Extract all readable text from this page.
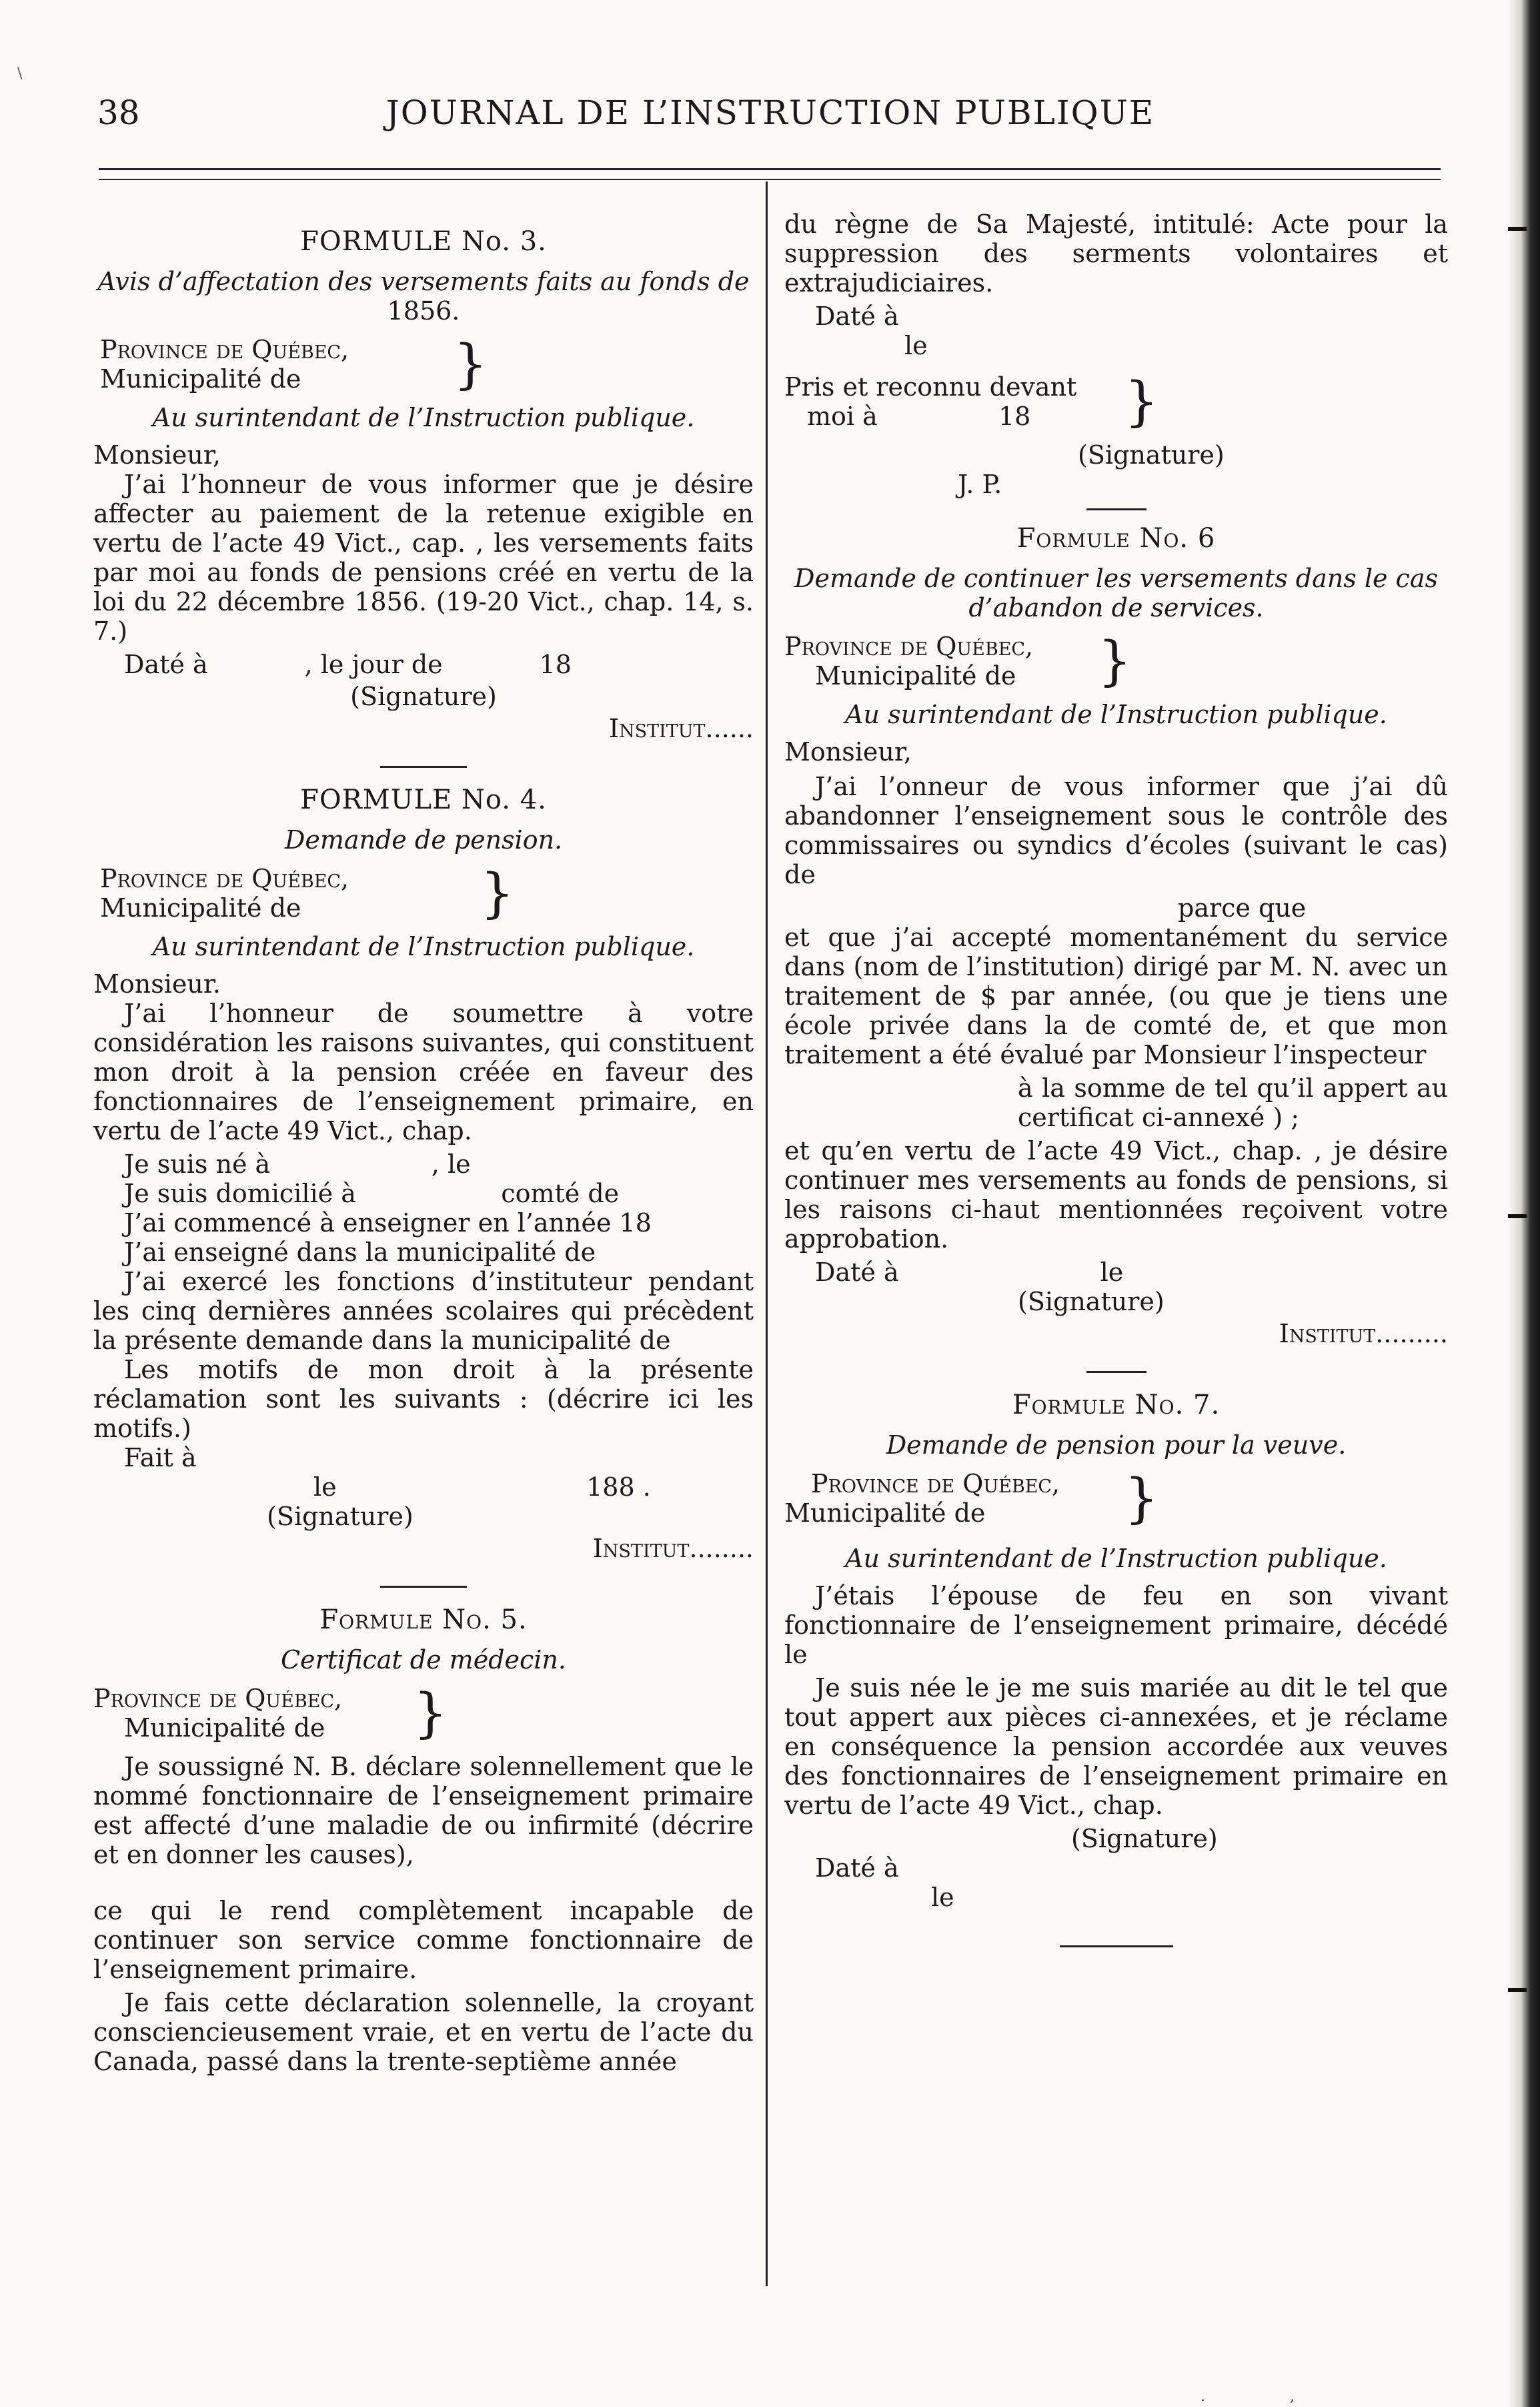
\
38	JOURNAL DE L’INSTRUCTION PUBLIQUE
FORMULE No. 3.
Avis d’affectation des versements faits au fonds de
1856.
Province de Québec,
Municipalité de	}
Au surintendant de l’Instruction publique.
Monsieur,

J’ai l’honneur de vous informer que je désire affecter au paiement de la retenue exigible en vertu de l’acte 49 Vict., cap. , les versements faits par moi au fonds de pensions créé en vertu de la loi du 22 décembre 1856. (19-20 Vict., chap. 14, s. 7.)

Daté à            , le jour de            18
(Signature)
Institut......
FORMULE No. 4.
Demande de pension.
Province de Québec,
Municipalité de	}
Au surintendant de l’Instruction publique.
Monsieur.

J’ai l’honneur de soumettre à votre considération les raisons suivantes, qui constituent mon droit à la pension créée en faveur des fonctionnaires de l’enseignement primaire, en vertu de l’acte 49 Vict., chap.

Je suis né à                    , le
Je suis domicilié à                  comté de
J’ai commencé à enseigner en l’année 18
J’ai enseigné dans la municipalité de

J’ai exercé les fonctions d’instituteur pendant les cinq dernières années scolaires qui précèdent la présente demande dans la municipalité de

Les motifs de mon droit à la présente réclamation sont les suivants : (décrire ici les motifs.)

Fait à
le                               188 .
(Signature)
Institut........
Formule No. 5.
Certificat de médecin.
Province de Québec,
Municipalité de	}

Je soussigné N. B. déclare solennellement que le nommé fonctionnaire de l’enseignement primaire est affecté d’une maladie de ou infirmité (décrire et en donner les causes),

ce qui le rend complètement incapable de continuer son service comme fonctionnaire de l’enseignement primaire.

Je fais cette déclaration solennelle, la croyant consciencieusement vraie, et en vertu de l’acte du Canada, passé dans la trente-septième année

du règne de Sa Majesté, intitulé: Acte pour la suppression des serments volontaires et extrajudiciaires.

Daté à
le
Pris et reconnu devant
moi à               18	}
(Signature)
J. P.
Formule No. 6
Demande de continuer les versements dans le cas d’abandon de services.
Province de Québec,
Municipalité de	}
Au surintendant de l’Instruction publique.
Monsieur,

J’ai l’onneur de vous informer que j’ai dû abandonner l’enseignement sous le contrôle des commissaires ou syndics d’écoles (suivant le cas) de

parce que

et que j’ai accepté momentanément du service dans (nom de l’institution) dirigé par M. N. avec un traitement de $ par année, (ou que je tiens une école privée dans la de comté de, et que mon traitement a été évalué par Monsieur l’inspecteur

à la somme de tel qu’il appert au certificat ci-annexé ) ;

et qu’en vertu de l’acte 49 Vict., chap. , je désire continuer mes versements au fonds de pensions, si les raisons ci-haut mentionnées reçoivent votre approbation.

Daté à                         le
(Signature)
Institut.........
Formule No. 7.
Demande de pension pour la veuve.
Province de Québec,
Municipalité de	}
Au surintendant de l’Instruction publique.

J’étais l’épouse de feu en son vivant fonctionnaire de l’enseignement primaire, décédé le

Je suis née le je me suis mariée au dit le tel que tout appert aux pièces ci-annexées, et je réclame en conséquence la pension accordée aux veuves des fonctionnaires de l’enseignement primaire en vertu de l’acte 49 Vict., chap.

(Signature)
Daté à
le
. ,
